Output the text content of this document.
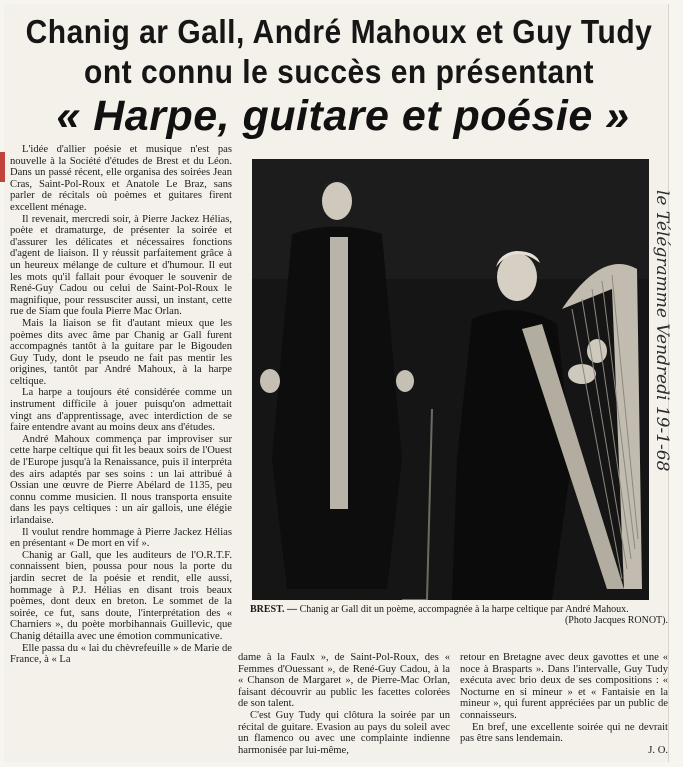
Chanig ar Gall, André Mahoux et Guy Tudy
ont connu le succès en présentant
« Harpe, guitare et poésie »

L'idée d'allier poésie et musique n'est pas nouvelle à la Société d'études de Brest et du Léon. Dans un passé récent, elle organisa des soirées Jean Cras, Saint-Pol-Roux et Anatole Le Braz, sans parler de récitals où poèmes et guitares firent excellent ménage.

Il revenait, mercredi soir, à Pierre Jackez Hélias, poète et dramaturge, de présenter la soirée et d'assurer les délicates et nécessaires fonctions d'agent de liaison. Il y réussit parfaitement grâce à un heureux mélange de culture et d'humour. Il eut les mots qu'il fallait pour évoquer le souvenir de René-Guy Cadou ou celui de Saint-Pol-Roux le magnifique, pour ressusciter aussi, un instant, cette rue de Siam que foula Pierre Mac Orlan.

Mais la liaison se fit d'autant mieux que les poèmes dits avec âme par Chanig ar Gall furent accompagnés tantôt à la guitare par le Bigouden Guy Tudy, dont le pseudo ne fait pas mentir les origines, tantôt par André Mahoux, à la harpe celtique.

La harpe a toujours été considérée comme un instrument difficile à jouer puisqu'on admettait vingt ans d'apprentissage, avec interdiction de se faire entendre avant au moins deux ans d'études.

André Mahoux commença par improviser sur cette harpe celtique qui fit les beaux soirs de l'Ouest de l'Europe jusqu'à la Renaissance, puis il interpréta des airs adaptés par ses soins : un lai attribué à Ossian une œuvre de Pierre Abélard de 1135, peu connu comme musicien. Il nous transporta ensuite dans les pays celtiques : un air gallois, une élégie irlandaise.

Il voulut rendre hommage à Pierre Jackez Hélias en présentant « De mort en vif ».

Chanig ar Gall, que les auditeurs de l'O.R.T.F. connaissent bien, poussa pour nous la porte du jardin secret de la poésie et rendit, elle aussi, hommage à P.J. Hélias en disant trois beaux poèmes, dont deux en breton. Le sommet de la soirée, ce fut, sans doute, l'interprétation des « Charniers », du poète morbihannais Guillevic, que Chanig détailla avec une émotion communicative.

Elle passa du « lai du chèvrefeuille » de Marie de France, à « La

BREST. — Chanig ar Gall dit un poème, accompagnée à la harpe celtique par André Mahoux.
(Photo Jacques RONOT).

dame à la Faulx », de Saint-Pol-Roux, des « Femmes d'Ouessant », de René-Guy Cadou, à la « Chanson de Margaret », de Pierre-Mac Orlan, faisant découvrir au public les facettes colorées de son talent.

C'est Guy Tudy qui clôtura la soirée par un récital de guitare. Evasion au pays du soleil avec un flamenco ou avec une complainte indienne harmonisée par lui-même,

retour en Bretagne avec deux gavottes et une « noce à Brasparts ». Dans l'intervalle, Guy Tudy exécuta avec brio deux de ses compositions : « Nocturne en si mineur » et « Fantaisie en la mineur », qui furent appréciées par un public de connaisseurs.

En bref, une excellente soirée qui ne devrait pas être sans lendemain.

J. O.
le Télégramme Vendredi 19-1-68
